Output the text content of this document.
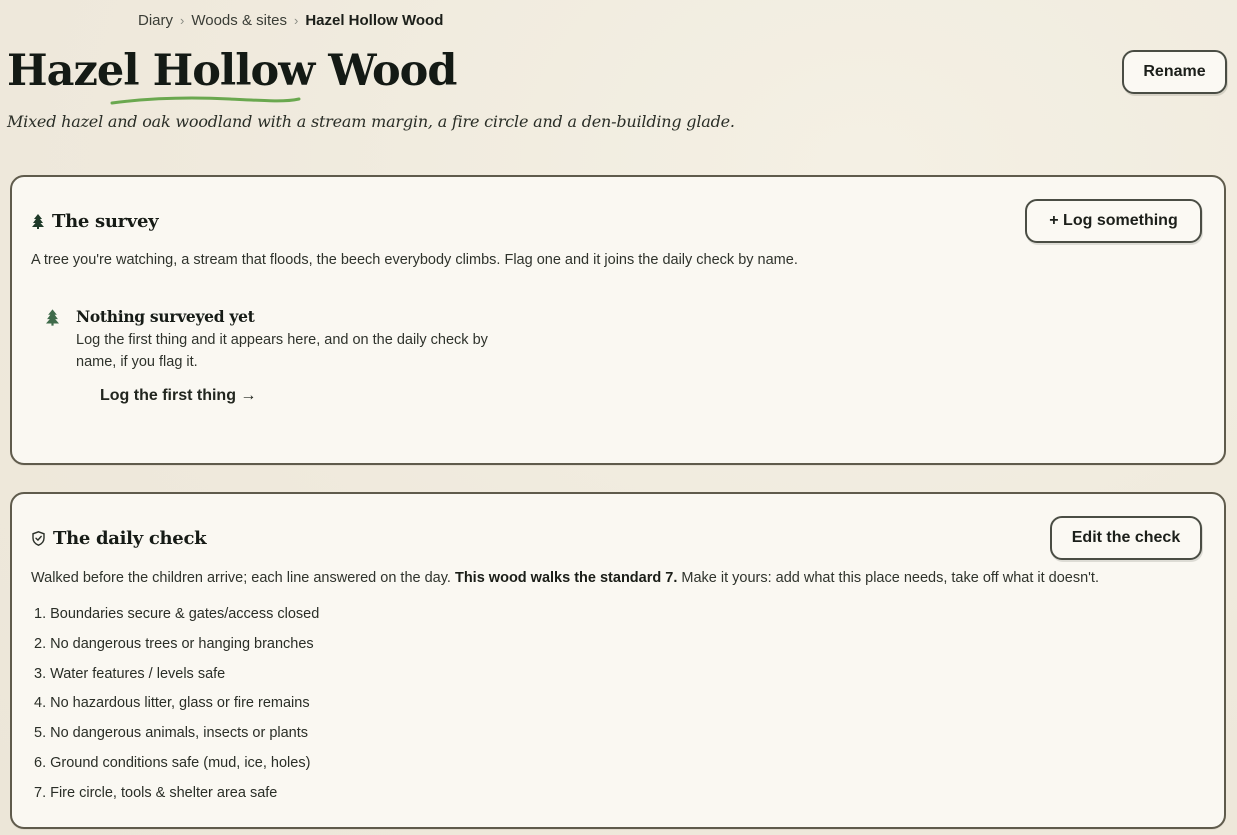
Diary › Woods & sites › Hazel Hollow Wood
Hazel Hollow Wood
Mixed hazel and oak woodland with a stream margin, a fire circle and a den-building glade.
Rename
The survey
A tree you're watching, a stream that floods, the beech everybody climbs. Flag one and it joins the daily check by name.
+ Log something
Nothing surveyed yet
Log the first thing and it appears here, and on the daily check by name, if you flag it.
Log the first thing →
The daily check
Walked before the children arrive; each line answered on the day. This wood walks the standard 7. Make it yours: add what this place needs, take off what it doesn't.
Edit the check
1. Boundaries secure & gates/access closed
2. No dangerous trees or hanging branches
3. Water features / levels safe
4. No hazardous litter, glass or fire remains
5. No dangerous animals, insects or plants
6. Ground conditions safe (mud, ice, holes)
7. Fire circle, tools & shelter area safe
